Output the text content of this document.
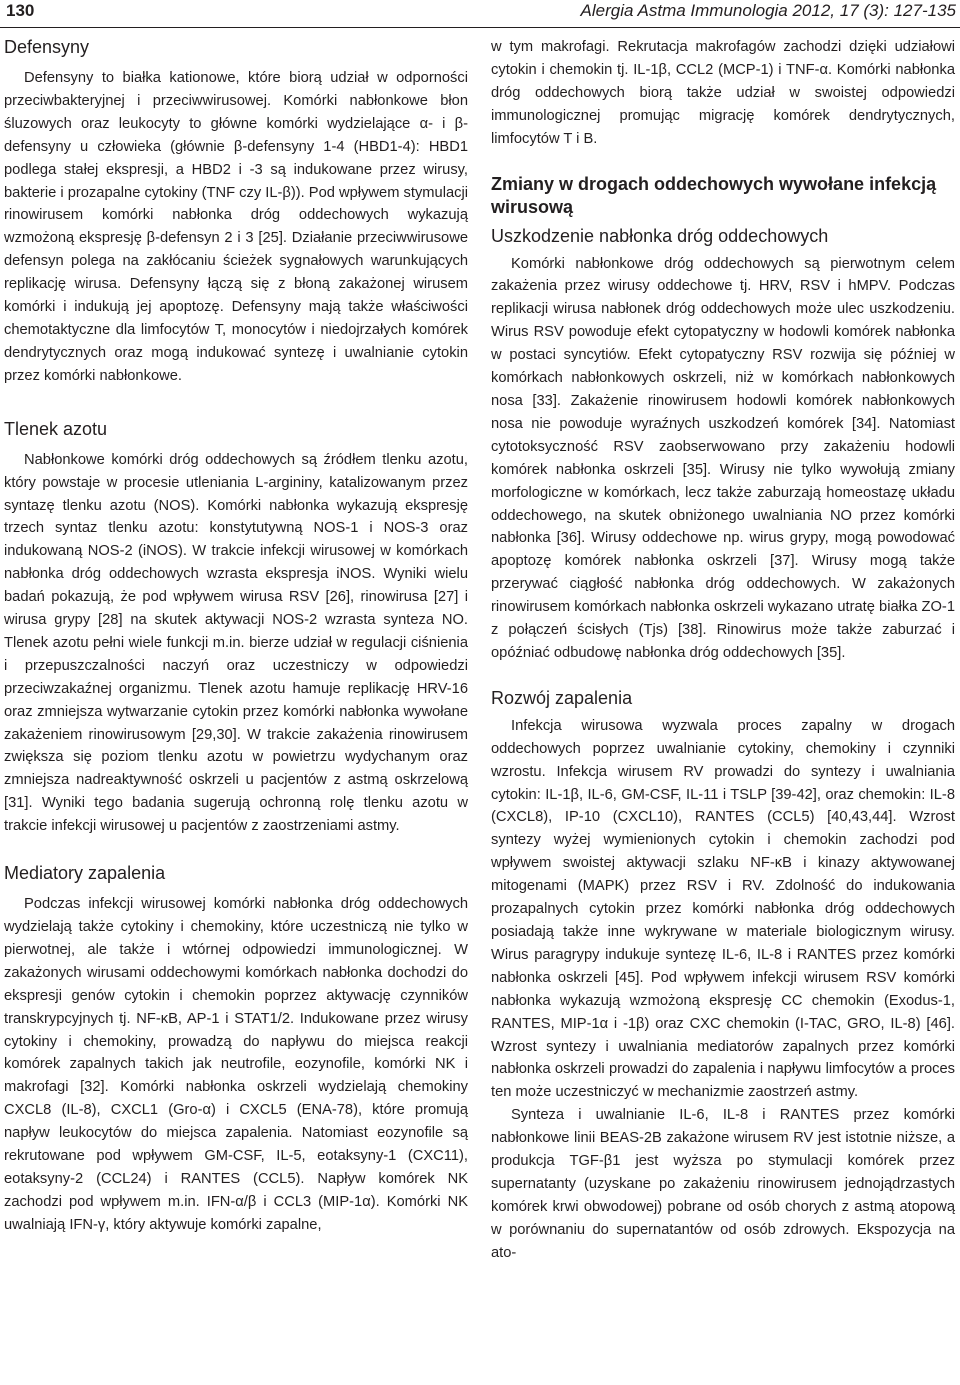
130	Alergia Astma Immunologia 2012, 17 (3): 127-135
Defensyny

Defensyny to białka kationowe, które biorą udział w odporności przeciwbakteryjnej i przeciwwirusowej. Komórki nabłonkowe błon śluzowych oraz leukocyty to główne komórki wydzielające α- i β-defensyny u człowieka (głównie β-defensyny 1-4 (HBD1-4): HBD1 podlega stałej ekspresji, a HBD2 i -3 są indukowane przez wirusy, bakterie i prozapalne cytokiny (TNF czy IL-β)). Pod wpływem stymulacji rinowirusem komórki nabłonka dróg oddechowych wykazują wzmożoną ekspresję β-defensyn 2 i 3 [25]. Działanie przeciwwirusowe defensyn polega na zakłócaniu ścieżek sygnałowych warunkujących replikację wirusa. Defensyny łączą się z błoną zakażonej wirusem komórki i indukują jej apoptozę. Defensyny mają także właściwości chemotaktyczne dla limfocytów T, monocytów i niedojrzałych komórek dendrytycznych oraz mogą indukować syntezę i uwalnianie cytokin przez komórki nabłonkowe.

Tlenek azotu

Nabłonkowe komórki dróg oddechowych są źródłem tlenku azotu, który powstaje w procesie utleniania L-argininy, katalizowanym przez syntazę tlenku azotu (NOS). Komórki nabłonka wykazują ekspresję trzech syntaz tlenku azotu: konstytutywną NOS-1 i NOS-3 oraz indukowaną NOS-2 (iNOS). W trakcie infekcji wirusowej w komórkach nabłonka dróg oddechowych wzrasta ekspresja iNOS. Wyniki wielu badań pokazują, że pod wpływem wirusa RSV [26], rinowirusa [27] i wirusa grypy [28] na skutek aktywacji NOS-2 wzrasta synteza NO. Tlenek azotu pełni wiele funkcji m.in. bierze udział w regulacji ciśnienia i przepuszczalności naczyń oraz uczestniczy w odpowiedzi przeciwzakaźnej organizmu. Tlenek azotu hamuje replikację HRV-16 oraz zmniejsza wytwarzanie cytokin przez komórki nabłonka wywołane zakażeniem rinowirusowym [29,30]. W trakcie zakażenia rinowirusem zwiększa się poziom tlenku azotu w powietrzu wydychanym oraz zmniejsza nadreaktywność oskrzeli u pacjentów z astmą oskrzelową [31]. Wyniki tego badania sugerują ochronną rolę tlenku azotu w trakcie infekcji wirusowej u pacjentów z zaostrzeniami astmy.

Mediatory zapalenia

Podczas infekcji wirusowej komórki nabłonka dróg oddechowych wydzielają także cytokiny i chemokiny, które uczestniczą nie tylko w pierwotnej, ale także i wtórnej odpowiedzi immunologicznej. W zakażonych wirusami oddechowymi komórkach nabłonka dochodzi do ekspresji genów cytokin i chemokin poprzez aktywację czynników transkrypcyjnych tj. NF-κB, AP-1 i STAT1/2. Indukowane przez wirusy cytokiny i chemokiny, prowadzą do napływu do miejsca reakcji komórek zapalnych takich jak neutrofile, eozynofile, komórki NK i makrofagi [32]. Komórki nabłonka oskrzeli wydzielają chemokiny CXCL8 (IL-8), CXCL1 (Gro-α) i CXCL5 (ENA-78), które promują napływ leukocytów do miejsca zapalenia. Natomiast eozynofile są rekrutowane pod wpływem GM-CSF, IL-5, eotaksyny-1 (CXC11), eotaksyny-2 (CCL24) i RANTES (CCL5). Napływ komórek NK zachodzi pod wpływem m.in. IFN-α/β i CCL3 (MIP-1α). Komórki NK uwalniają IFN-γ, który aktywuje komórki zapalne,

w tym makrofagi. Rekrutacja makrofagów zachodzi dzięki udziałowi cytokin i chemokin tj. IL-1β, CCL2 (MCP-1) i TNF-α. Komórki nabłonka dróg oddechowych biorą także udział w swoistej odpowiedzi immunologicznej promując migrację komórek dendrytycznych, limfocytów T i B.

Zmiany w drogach oddechowych wywołane infekcją wirusową
Uszkodzenie nabłonka dróg oddechowych

Komórki nabłonkowe dróg oddechowych są pierwotnym celem zakażenia przez wirusy oddechowe tj. HRV, RSV i hMPV. Podczas replikacji wirusa nabłonek dróg oddechowych może ulec uszkodzeniu. Wirus RSV powoduje efekt cytopatyczny w hodowli komórek nabłonka w postaci syncytiów. Efekt cytopatyczny RSV rozwija się później w komórkach nabłonkowych oskrzeli, niż w komórkach nabłonkowych nosa [33]. Zakażenie rinowirusem hodowli komórek nabłonkowych nosa nie powoduje wyraźnych uszkodzeń komórek [34]. Natomiast cytotoksyczność RSV zaobserwowano przy zakażeniu hodowli komórek nabłonka oskrzeli [35]. Wirusy nie tylko wywołują zmiany morfologiczne w komórkach, lecz także zaburzają homeostazę układu oddechowego, na skutek obniżonego uwalniania NO przez komórki nabłonka [36]. Wirusy oddechowe np. wirus grypy, mogą powodować apoptozę komórek nabłonka oskrzeli [37]. Wirusy mogą także przerywać ciągłość nabłonka dróg oddechowych. W zakażonych rinowirusem komórkach nabłonka oskrzeli wykazano utratę białka ZO-1 z połączeń ścisłych (Tjs) [38]. Rinowirus może także zaburzać i opóźniać odbudowę nabłonka dróg oddechowych [35].

Rozwój zapalenia

Infekcja wirusowa wyzwala proces zapalny w drogach oddechowych poprzez uwalnianie cytokiny, chemokiny i czynniki wzrostu. Infekcja wirusem RV prowadzi do syntezy i uwalniania cytokin: IL-1β, IL-6, GM-CSF, IL-11 i TSLP [39-42], oraz chemokin: IL-8 (CXCL8), IP-10 (CXCL10), RANTES (CCL5) [40,43,44]. Wzrost syntezy wyżej wymienionych cytokin i chemokin zachodzi pod wpływem swoistej aktywacji szlaku NF-κB i kinazy aktywowanej mitogenami (MAPK) przez RSV i RV. Zdolność do indukowania prozapalnych cytokin przez komórki nabłonka dróg oddechowych posiadają także inne wykrywane w materiale biologicznym wirusy. Wirus paragrypy indukuje syntezę IL-6, IL-8 i RANTES przez komórki nabłonka oskrzeli [45]. Pod wpływem infekcji wirusem RSV komórki nabłonka wykazują wzmożoną ekspresję CC chemokin (Exodus-1, RANTES, MIP-1α i -1β) oraz CXC chemokin (I-TAC, GRO, IL-8) [46]. Wzrost syntezy i uwalniania mediatorów zapalnych przez komórki nabłonka oskrzeli prowadzi do zapalenia i napływu limfocytów a proces ten może uczestniczyć w mechanizmie zaostrzeń astmy.

Synteza i uwalnianie IL-6, IL-8 i RANTES przez komórki nabłonkowe linii BEAS-2B zakażone wirusem RV jest istotnie niższe, a produkcja TGF-β1 jest wyższa po stymulacji komórek przez supernatanty (uzyskane po zakażeniu rinowirusem jednojądrzastych komórek krwi obwodowej) pobrane od osób chorych z astmą atopową w porównaniu do supernatantów od osób zdrowych. Ekspozycja na ato-
